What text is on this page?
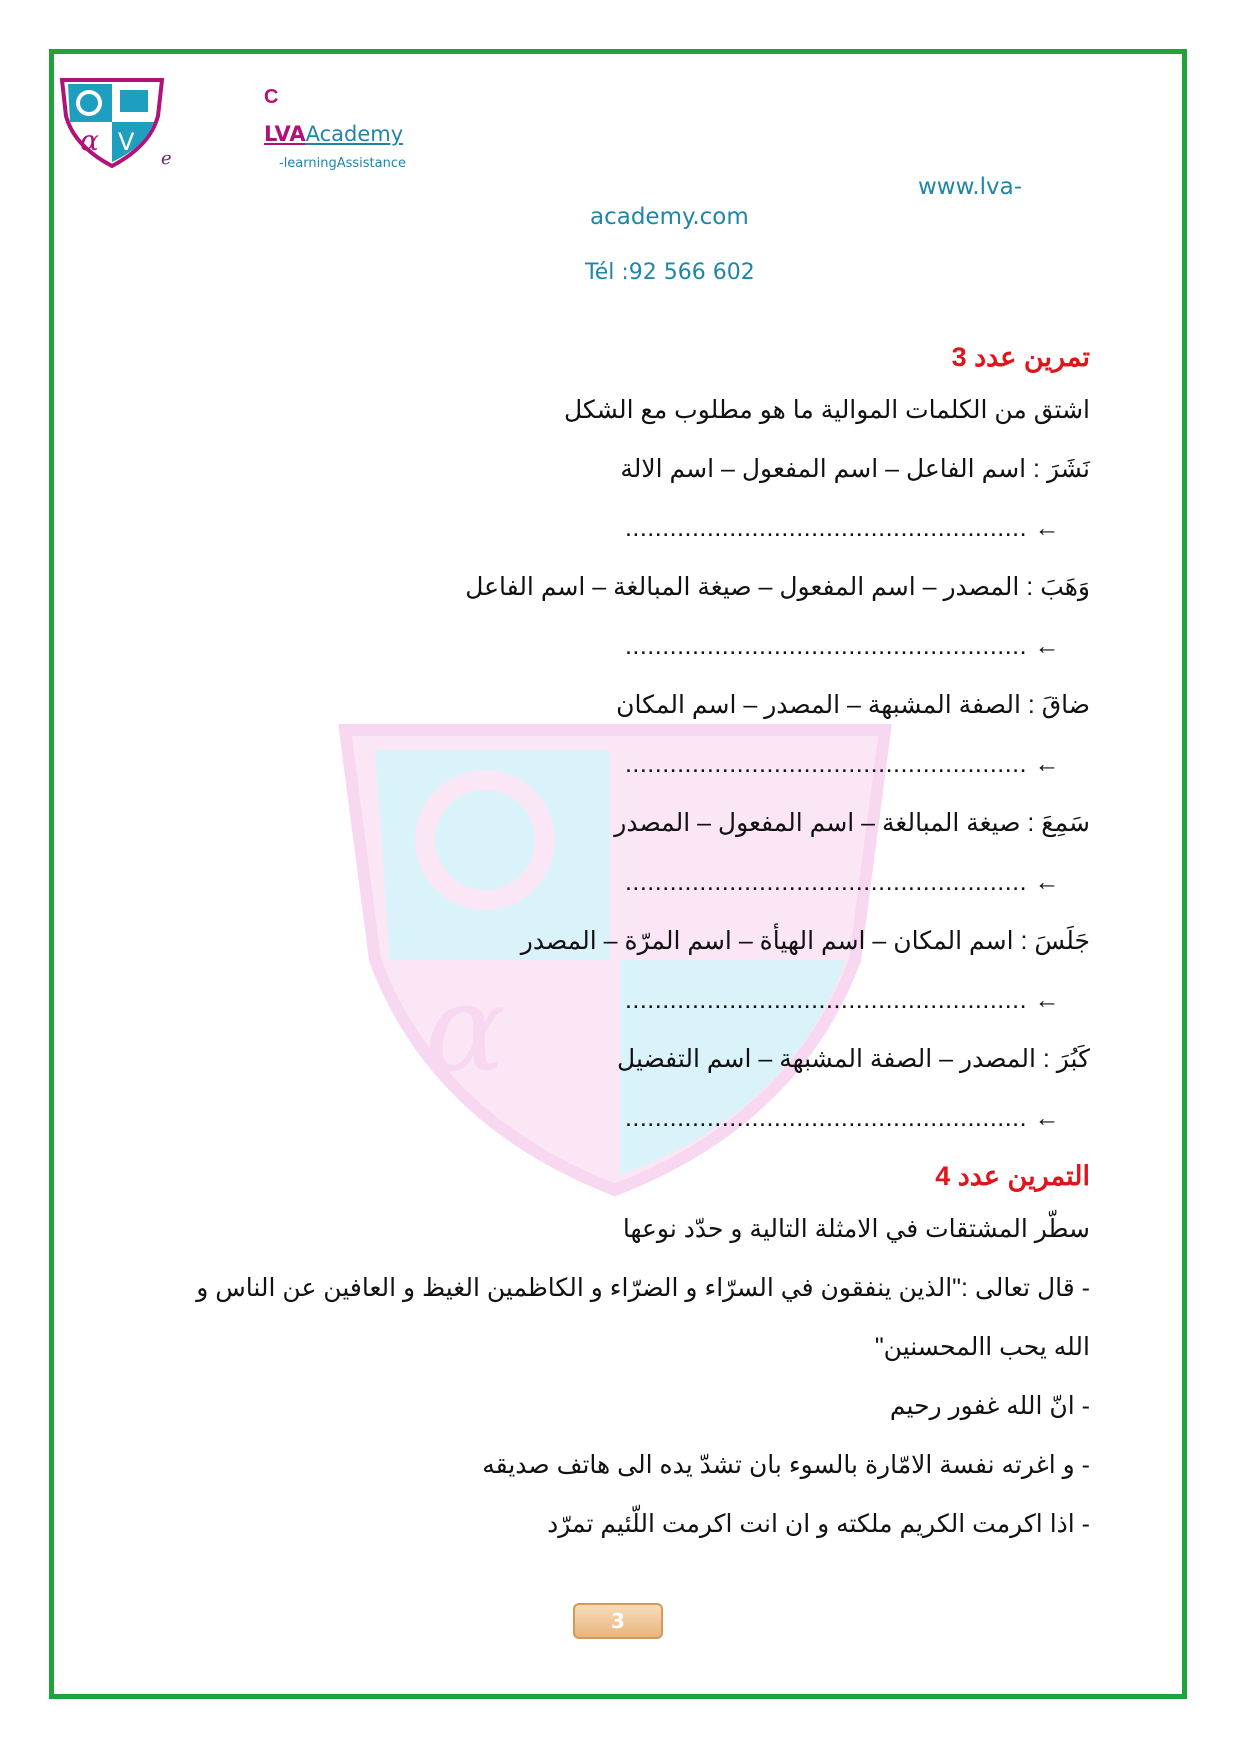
α V
e
C
LVAAcademy
-learningAssistance
www.lva-
academy.com
Tél :92 566 602
α V
تمرين عدد 3
اشتق من الكلمات الموالية ما هو مطلوب مع الشكل
نَشَرَ : اسم الفاعل – اسم المفعول – اسم الالة
← ......................................................
وَهَبَ : المصدر – اسم المفعول – صيغة المبالغة – اسم الفاعل
← ......................................................
ضاقَ : الصفة المشبهة – المصدر – اسم المكان
← ......................................................
سَمِعَ : صيغة المبالغة – اسم المفعول – المصدر
← ......................................................
جَلَسَ : اسم المكان – اسم الهيأة – اسم المرّة – المصدر
← ......................................................
كَبُرَ : المصدر – الصفة المشبهة – اسم التفضيل
← ......................................................
التمرين عدد 4
سطّر المشتقات في الامثلة التالية و حدّد نوعها
- قال تعالى :"الذين ينفقون في السرّاء و الضرّاء و الكاظمين الغيظ و العافين عن الناس و
الله يحب االمحسنين"
- انّ الله غفور رحيم
- و اغرته نفسة الامّارة بالسوء بان تشدّ يده الى هاتف صديقه
- اذا اكرمت الكريم ملكته و ان انت اكرمت اللّئيم تمرّد
3
